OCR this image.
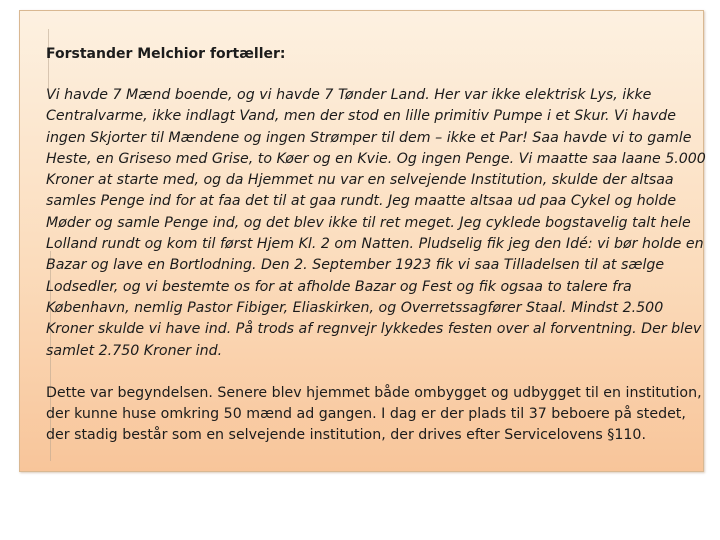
Forstander Melchior fortæller:

Vi havde 7 Mænd boende, og vi havde 7 Tønder Land. Her var ikke elektrisk Lys, ikke
Centralvarme, ikke indlagt Vand, men der stod en lille primitiv Pumpe i et Skur. Vi havde
ingen Skjorter til Mændene og ingen Strømper til dem – ikke et Par! Saa havde vi to gamle
Heste, en Griseso med Grise, to Køer og en Kvie. Og ingen Penge. Vi maatte saa laane 5.000
Kroner at starte med, og da Hjemmet nu var en selvejende Institution, skulde der altsaa
samles Penge ind for at faa det til at gaa rundt. Jeg maatte altsaa ud paa Cykel og holde
Møder og samle Penge ind, og det blev ikke til ret meget. Jeg cyklede bogstavelig talt hele
Lolland rundt og kom til først Hjem Kl. 2 om Natten. Pludselig fik jeg den Idé: vi bør holde en
Bazar og lave en Bortlodning. Den 2. September 1923 fik vi saa Tilladelsen til at sælge
Lodsedler, og vi bestemte os for at afholde Bazar og Fest og fik ogsaa to talere fra
København, nemlig Pastor Fibiger, Eliaskirken, og Overretssagfører Staal. Mindst 2.500
Kroner skulde vi have ind. På trods af regnvejr lykkedes festen over al forventning. Der blev
samlet 2.750 Kroner ind.

Dette var begyndelsen. Senere blev hjemmet både ombygget og udbygget til en institution,
der kunne huse omkring 50 mænd ad gangen. I dag er der plads til 37 beboere på stedet,
der stadig består som en selvejende institution, der drives efter Servicelovens §110.
